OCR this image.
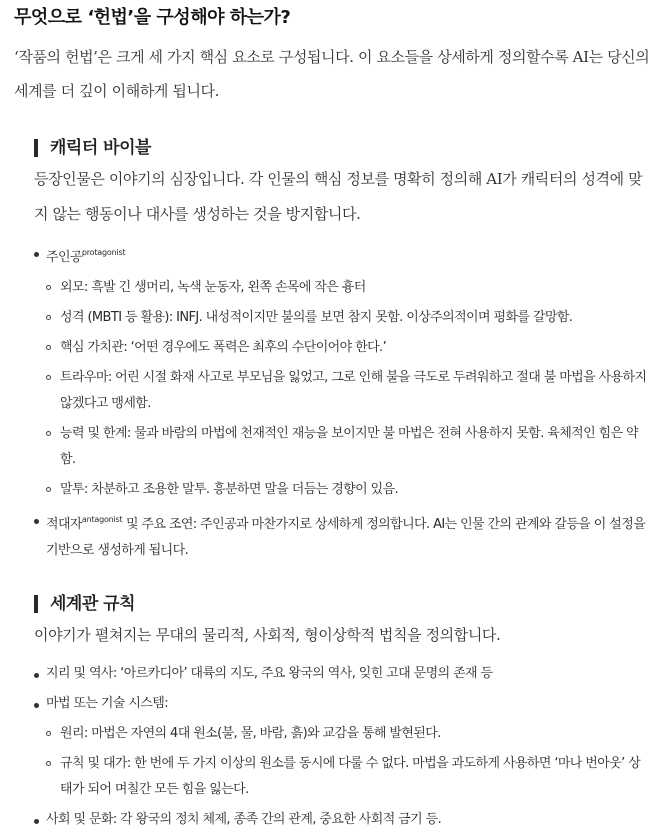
무엇으로 ‘헌법’을 구성해야 하는가?

‘작품의 헌법’은 크게 세 가지 핵심 요소로 구성됩니다. 이 요소들을 상세하게 정의할수록 AI는 당신의 세계를 더 깊이 이해하게 됩니다.

캐릭터 바이블

등장인물은 이야기의 심장입니다. 각 인물의 핵심 정보를 명확히 정의해 AI가 캐릭터의 성격에 맞지 않는 행동이나 대사를 생성하는 것을 방지합니다.

주인공$^{protagonist}$
외모: 흑발 긴 생머리, 녹색 눈동자, 왼쪽 손목에 작은 흉터
성격 (MBTI 등 활용): INFJ. 내성적이지만 불의를 보면 참지 못함. 이상주의적이며 평화를 갈망함.
핵심 가치관: ‘어떤 경우에도 폭력은 최후의 수단이어야 한다.’
트라우마: 어린 시절 화재 사고로 부모님을 잃었고, 그로 인해 불을 극도로 두려워하고 절대 불 마법을 사용하지 않겠다고 맹세함.
능력 및 한계: 물과 바람의 마법에 천재적인 재능을 보이지만 불 마법은 전혀 사용하지 못함. 육체적인 힘은 약함.
말투: 차분하고 조용한 말투. 흥분하면 말을 더듬는 경향이 있음.
적대자$^{antagonist}$ 및 주요 조연: 주인공과 마찬가지로 상세하게 정의합니다. AI는 인물 간의 관계와 갈등을 이 설정을 기반으로 생성하게 됩니다.
세계관 규칙

이야기가 펼쳐지는 무대의 물리적, 사회적, 형이상학적 법칙을 정의합니다.

지리 및 역사: ‘아르카디아’ 대륙의 지도, 주요 왕국의 역사, 잊힌 고대 문명의 존재 등
마법 또는 기술 시스템:
원리: 마법은 자연의 4대 원소(불, 물, 바람, 흙)와 교감을 통해 발현된다.
규칙 및 대가: 한 번에 두 가지 이상의 원소를 동시에 다룰 수 없다. 마법을 과도하게 사용하면 ‘마나 번아웃’ 상태가 되어 며칠간 모든 힘을 잃는다.
사회 및 문화: 각 왕국의 정치 체제, 종족 간의 관계, 중요한 사회적 금기 등.
